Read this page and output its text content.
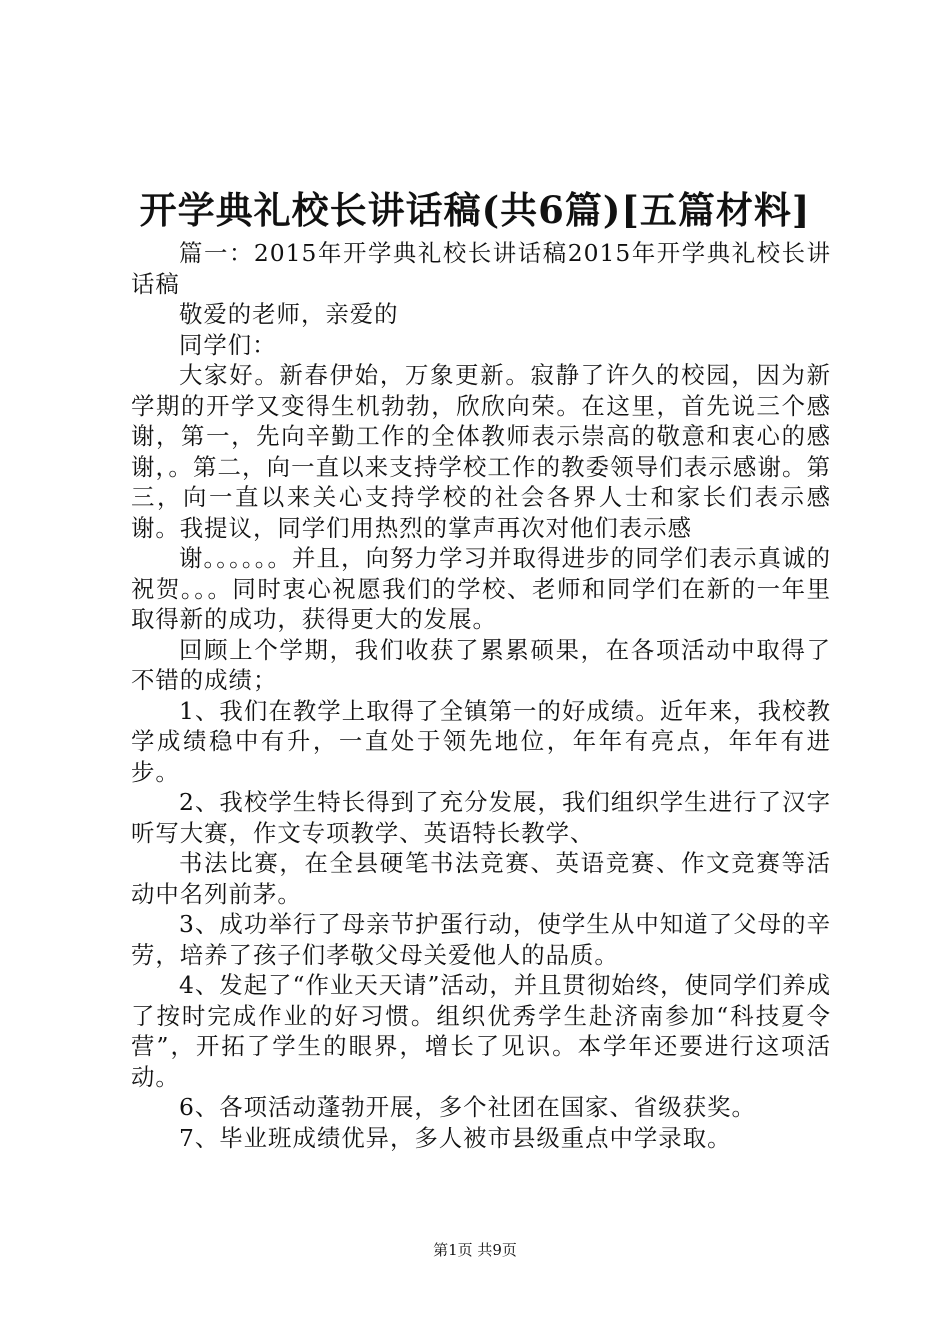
开学典礼校长讲话稿(共6篇)[五篇材料]

篇一：2015年开学典礼校长讲话稿2015年开学典礼校长讲话稿

敬爱的老师，亲爱的

同学们：

大家好。新春伊始，万象更新。寂静了许久的校园，因为新学期的开学又变得生机勃勃，欣欣向荣。在这里，首先说三个感谢，第一，先向辛勤工作的全体教师表示崇高的敬意和衷心的感谢，。第二，向一直以来支持学校工作的教委领导们表示感谢。第三，向一直以来关心支持学校的社会各界人士和家长们表示感谢。我提议，同学们用热烈的掌声再次对他们表示感

谢。。。。。。并且，向努力学习并取得进步的同学们表示真诚的祝贺。。。同时衷心祝愿我们的学校、老师和同学们在新的一年里取得新的成功，获得更大的发展。

回顾上个学期，我们收获了累累硕果，在各项活动中取得了不错的成绩；

1、我们在教学上取得了全镇第一的好成绩。近年来，我校教学成绩稳中有升，一直处于领先地位，年年有亮点，年年有进步。

2、我校学生特长得到了充分发展，我们组织学生进行了汉字听写大赛，作文专项教学、英语特长教学、

书法比赛，在全县硬笔书法竞赛、英语竞赛、作文竞赛等活动中名列前茅。

3、成功举行了母亲节护蛋行动，使学生从中知道了父母的辛劳，培养了孩子们孝敬父母关爱他人的品质。

4、发起了“作业天天请”活动，并且贯彻始终，使同学们养成了按时完成作业的好习惯。组织优秀学生赴济南参加“科技夏令营”，开拓了学生的眼界，增长了见识。本学年还要进行这项活动。

6、各项活动蓬勃开展，多个社团在国家、省级获奖。

7、毕业班成绩优异，多人被市县级重点中学录取。

第1页 共9页
